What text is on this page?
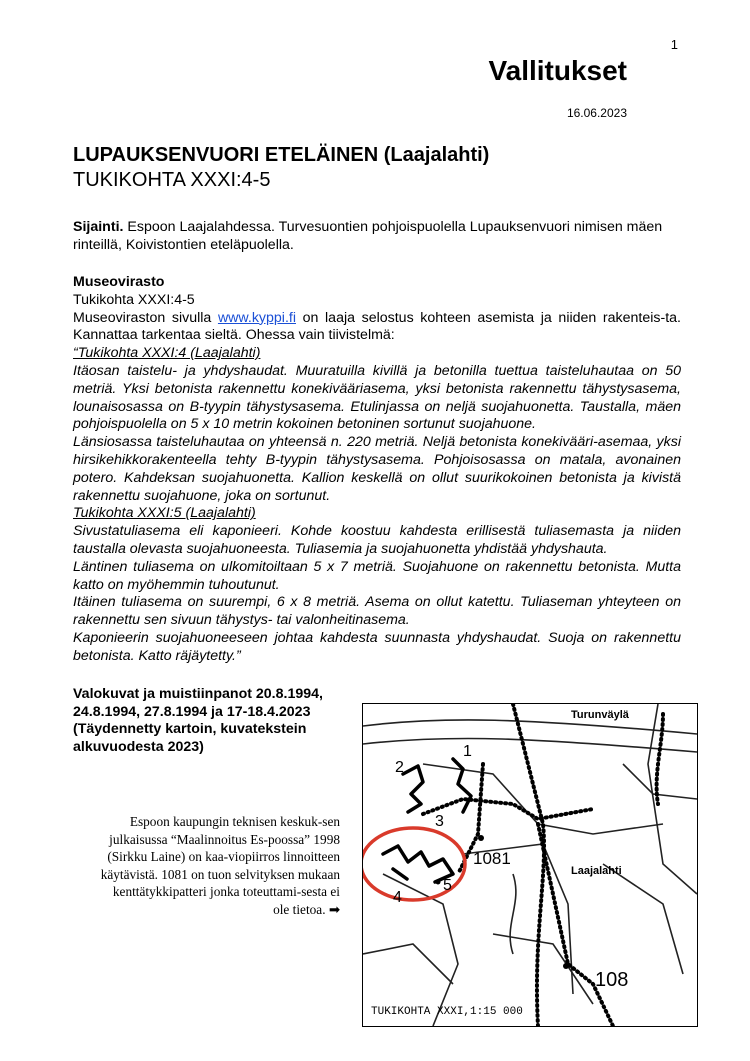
1
Vallitukset
16.06.2023
LUPAUKSENVUORI ETELÄINEN (Laajalahti)
TUKIKOHTA XXXI:4-5
Sijainti. Espoon Laajalahdessa. Turvesuontien pohjoispuolella Lupauksenvuori nimisen mäen rinteillä, Koivistontien eteläpuolella.
Museovirasto
Tukikohta XXXI:4-5
Museoviraston sivulla www.kyppi.fi on laaja selostus kohteen asemista ja niiden rakenteis-ta. Kannattaa tarkentaa sieltä. Ohessa vain tiivistelmä:
“Tukikohta XXXI:4 (Laajalahti)
Itäosan taistelu- ja yhdyshaudat. Muuratuilla kivillä ja betonilla tuettua taisteluhautaa on 50 metriä. Yksi betonista rakennettu konekivääriasema, yksi betonista rakennettu tähystysasema, lounaisosassa on B-tyypin tähystysasema. Etulinjassa on neljä suojahuonetta. Taustalla, mäen pohjoispuolella on 5 x 10 metrin kokoinen betoninen sortunut suojahuone.
Länsiosassa taisteluhautaa on yhteensä n. 220 metriä. Neljä betonista konekivääri-asemaa, yksi hirsikehikkorakenteella tehty B-tyypin tähystysasema. Pohjoisosassa on matala, avonainen potero. Kahdeksan suojahuonetta. Kallion keskellä on ollut suurikokoinen betonista ja kivistä rakennettu suojahuone, joka on sortunut.
Tukikohta XXXI:5 (Laajalahti)
Sivustatuliasema eli kaponieeri. Kohde koostuu kahdesta erillisestä tuliasemasta ja niiden taustalla olevasta suojahuoneesta. Tuliasemia ja suojahuonetta yhdistää yhdyshauta.
Läntinen tuliasema on ulkomitoiltaan 5 x 7 metriä. Suojahuone on rakennettu betonista. Mutta katto on myöhemmin tuhoutunut.
Itäinen tuliasema on suurempi, 6 x 8 metriä. Asema on ollut katettu. Tuliaseman yhteyteen on rakennettu sen sivuun tähystys- tai valonheitinasema.
Kaponieerin suojahuoneeseen johtaa kahdesta suunnasta yhdyshaudat. Suoja on rakennettu betonista. Katto räjäytetty.”
Valokuvat ja muistiinpanot 20.8.1994, 24.8.1994, 27.8.1994 ja 17-18.4.2023 (Täydennetty kartoin, kuvatekstein alkuvuodesta 2023)
Espoon kaupungin teknisen keskuk-sen julkaisussa “Maalinnoitus Es-poossa” 1998 (Sirkku Laine) on kaa-viopiirros linnoitteen käytävistä. 1081 on tuon selvityksen mukaan kenttätykkipatteri jonka toteuttami-sesta ei ole tietoa. ➡
Turunväylä
Laajalahti
1
2
3
4
5
1081
108
TUKIKOHTA XXXI,1:15 000
